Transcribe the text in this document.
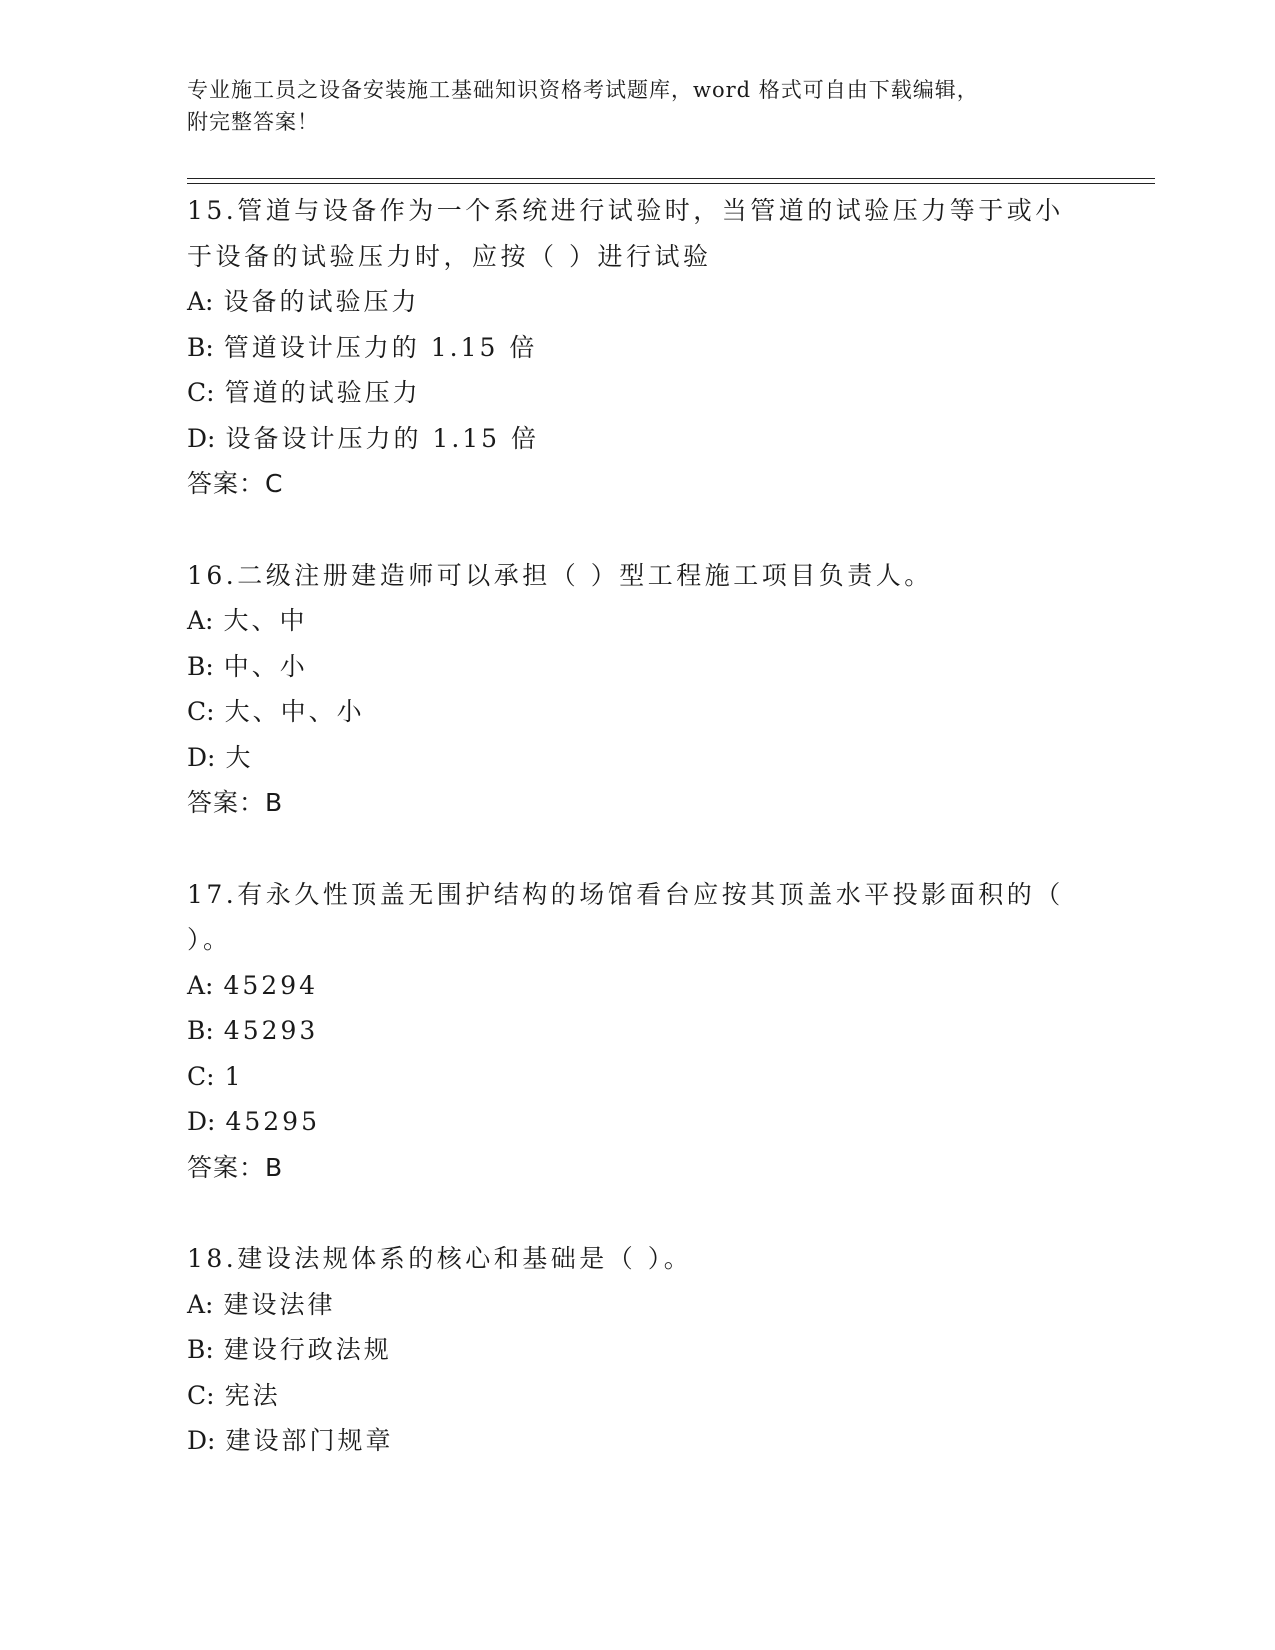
专业施工员之设备安装施工基础知识资格考试题库，word 格式可自由下载编辑，
附完整答案！

15.管道与设备作为一个系统进行试验时，当管道的试验压力等于或小

于设备的试验压力时，应按（ ）进行试验

A: 设备的试验压力

B: 管道设计压力的 1.15 倍

C: 管道的试验压力

D: 设备设计压力的 1.15 倍

答案：C

16.二级注册建造师可以承担（ ）型工程施工项目负责人。

A: 大、中

B: 中、小

C: 大、中、小

D: 大

答案：B

17.有永久性顶盖无围护结构的场馆看台应按其顶盖水平投影面积的（

）。

A: 45294

B: 45293

C: 1

D: 45295

答案：B

18.建设法规体系的核心和基础是（ ）。

A: 建设法律

B: 建设行政法规

C: 宪法

D: 建设部门规章
